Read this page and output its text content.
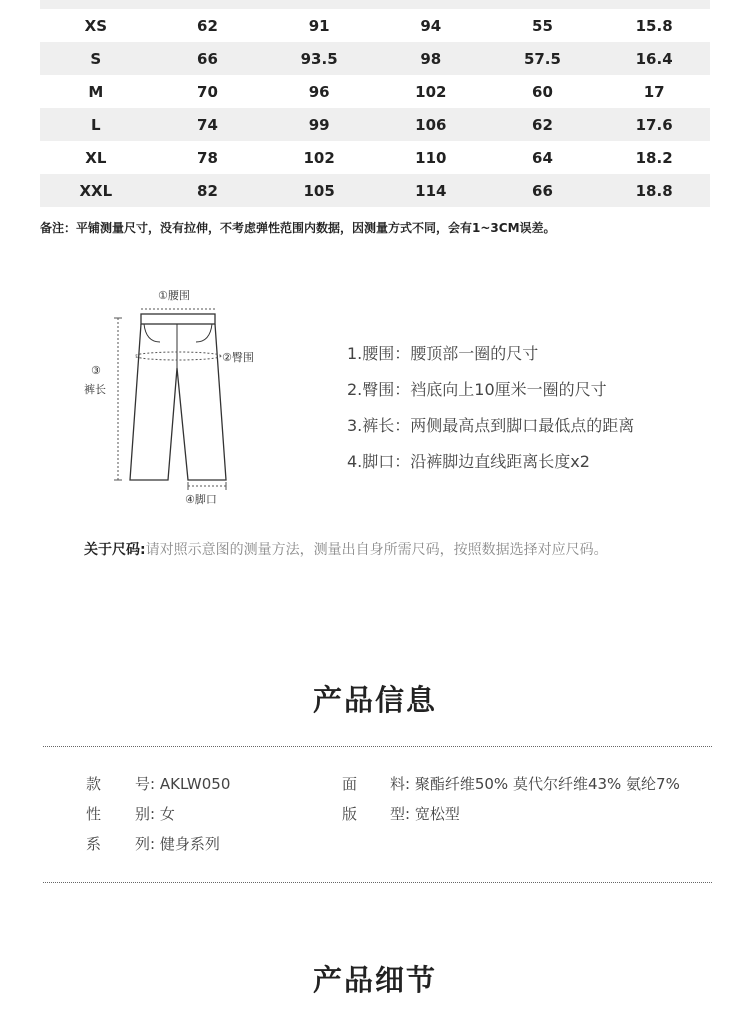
XS	62	91	94	55	15.8
S	66	93.5	98	57.5	16.4
M	70	96	102	60	17
L	74	99	106	62	17.6
XL	78	102	110	64	18.2
XXL	82	105	114	66	18.8
备注：平铺测量尺寸，没有拉伸，不考虑弹性范围内数据，因测量方式不同，会有1~3CM误差。
①腰围
②臀围
③
裤长
④脚口
1.腰围：腰顶部一圈的尺寸
2.臀围：裆底向上10厘米一圈的尺寸
3.裤长：两侧最高点到脚口最低点的距离
4.脚口：沿裤脚边直线距离长度x2
关于尺码:请对照示意图的测量方法，测量出自身所需尺码，按照数据选择对应尺码。
产品信息
款 号: AKLW050	面 料: 聚酯纤维50% 莫代尔纤维43% 氨纶7%
性 别: 女	版 型: 宽松型
系 列: 健身系列
产品细节
